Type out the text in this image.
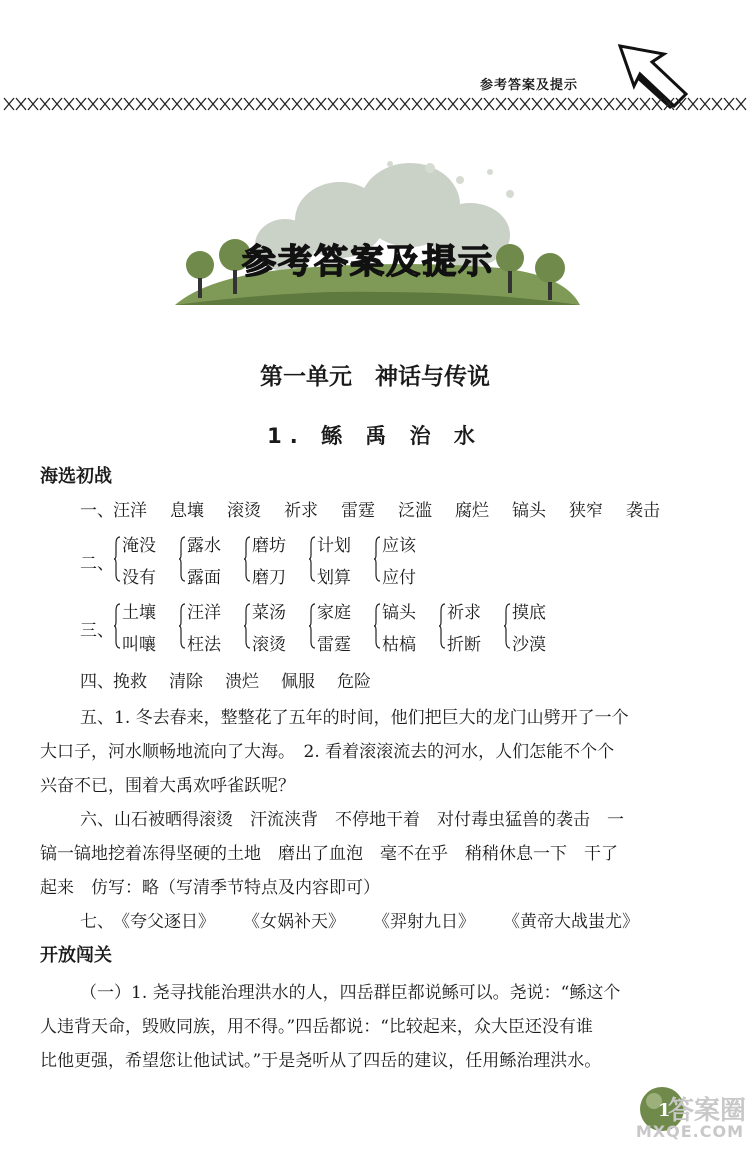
参考答案及提示
参考答案及提示
第一单元　神话与传说
1. 鲧 禹 治 水
海选初战
一、 汪洋 息壤 滚烫 祈求 雷霆 泛滥 腐烂 镐头 狭窄 袭击
二、
淹没
没有
露水
露面
磨坊
磨刀
计划
划算
应该
应付
三、
土壤
叫嚷
汪洋
枉法
菜汤
滚烫
家庭
雷霆
镐头
枯槁
祈求
折断
摸底
沙漠
四、 挽救 清除 溃烂 佩服 危险
五、1. 冬去春来，整整花了五年的时间，他们把巨大的龙门山劈开了一个
大口子，河水顺畅地流向了大海。　2. 看着滚滚流去的河水，人们怎能不个个
兴奋不已，围着大禹欢呼雀跃呢？
六、山石被晒得滚烫　汗流浃背　不停地干着　对付毒虫猛兽的袭击　一
镐一镐地挖着冻得坚硬的土地　磨出了血泡　毫不在乎　稍稍休息一下　干了
起来　仿写：略（写清季节特点及内容即可）
七、 《夸父逐日》 《女娲补天》 《羿射九日》 《黄帝大战蚩尤》
开放闯关
（一）1. 尧寻找能治理洪水的人，四岳群臣都说鲧可以。尧说：“鲧这个
人违背天命，毁败同族，用不得。”四岳都说：“比较起来，众大臣还没有谁
比他更强，希望您让他试试。”于是尧听从了四岳的建议，任用鲧治理洪水。
1
答案圈
MXQE.COM
